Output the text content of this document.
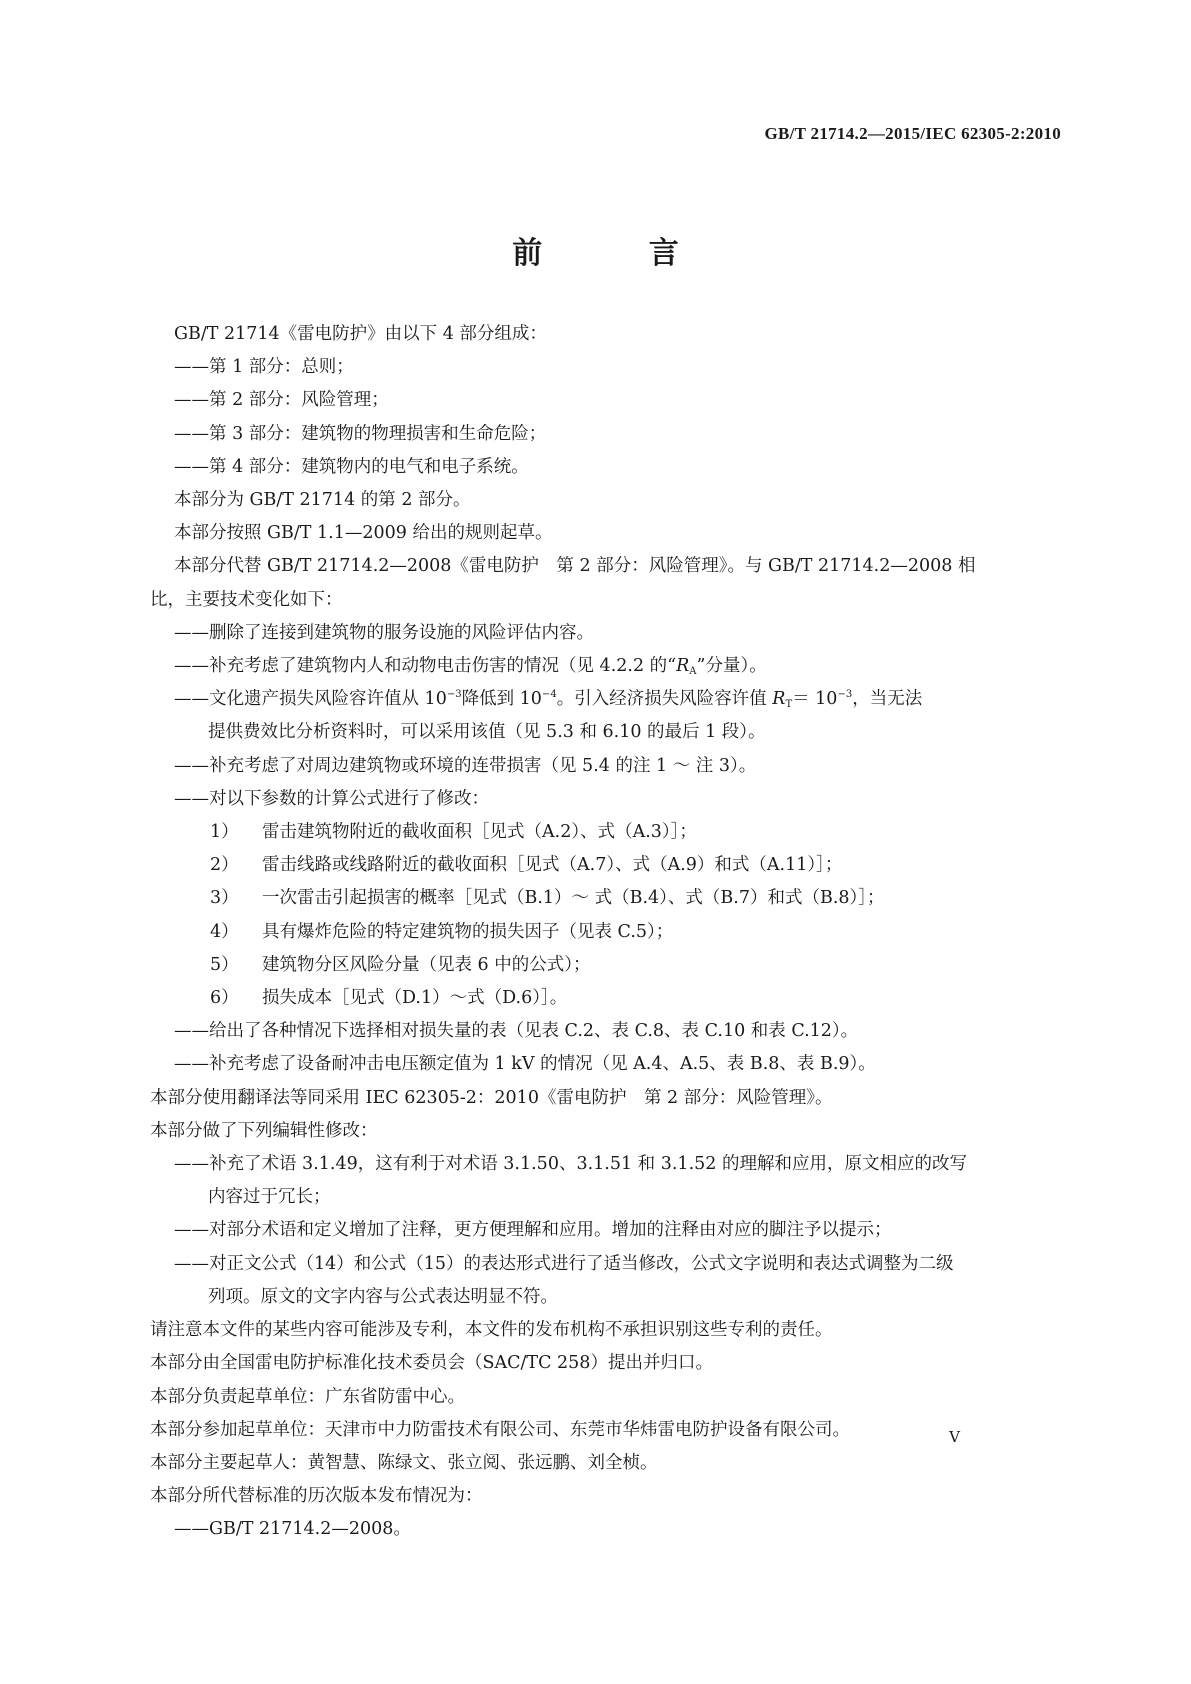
GB/T 21714.2—2015/IEC 62305-2:2010
前 言

GB/T 21714《雷电防护》由以下 4 部分组成：

——第 1 部分：总则；

——第 2 部分：风险管理；

——第 3 部分：建筑物的物理损害和生命危险；

——第 4 部分：建筑物内的电气和电子系统。

本部分为 GB/T 21714 的第 2 部分。

本部分按照 GB/T 1.1—2009 给出的规则起草。

本部分代替 GB/T 21714.2—2008《雷电防护　第 2 部分：风险管理》。与 GB/T 21714.2—2008 相

比，主要技术变化如下：

——删除了连接到建筑物的服务设施的风险评估内容。

——补充考虑了建筑物内人和动物电击伤害的情况（见 4.2.2 的“$R_A$”分量）。

——文化遗产损失风险容许值从 $10^{-3}$降低到 $10^{-4}$。引入经济损失风险容许值 $R_T= 10^{-3}$，当无法

提供费效比分析资料时，可以采用该值（见 5.3 和 6.10 的最后 1 段）。

——补充考虑了对周边建筑物或环境的连带损害（见 5.4 的注 1 ～ 注 3）。

——对以下参数的计算公式进行了修改：

1） 雷击建筑物附近的截收面积［见式（A.2）、式（A.3）］；

2） 雷击线路或线路附近的截收面积［见式（A.7）、式（A.9）和式（A.11）］；

3） 一次雷击引起损害的概率［见式（B.1）～ 式（B.4）、式（B.7）和式（B.8）］；

4） 具有爆炸危险的特定建筑物的损失因子（见表 C.5）；

5） 建筑物分区风险分量（见表 6 中的公式）；

6） 损失成本［见式（D.1）～式（D.6）］。

——给出了各种情况下选择相对损失量的表（见表 C.2、表 C.8、表 C.10 和表 C.12）。

——补充考虑了设备耐冲击电压额定值为 1 kV 的情况（见 A.4、A.5、表 B.8、表 B.9）。

本部分使用翻译法等同采用 IEC 62305-2：2010《雷电防护　第 2 部分：风险管理》。

本部分做了下列编辑性修改：

——补充了术语 3.1.49，这有利于对术语 3.1.50、3.1.51 和 3.1.52 的理解和应用，原文相应的改写

内容过于冗长；

——对部分术语和定义增加了注释，更方便理解和应用。增加的注释由对应的脚注予以提示；

——对正文公式（14）和公式（15）的表达形式进行了适当修改，公式文字说明和表达式调整为二级

列项。原文的文字内容与公式表达明显不符。

请注意本文件的某些内容可能涉及专利，本文件的发布机构不承担识别这些专利的责任。

本部分由全国雷电防护标准化技术委员会（SAC/TC 258）提出并归口。

本部分负责起草单位：广东省防雷中心。

本部分参加起草单位：天津市中力防雷技术有限公司、东莞市华炜雷电防护设备有限公司。

本部分主要起草人：黄智慧、陈绿文、张立阅、张远鹏、刘全桢。

本部分所代替标准的历次版本发布情况为：

——GB/T 21714.2—2008。

V
